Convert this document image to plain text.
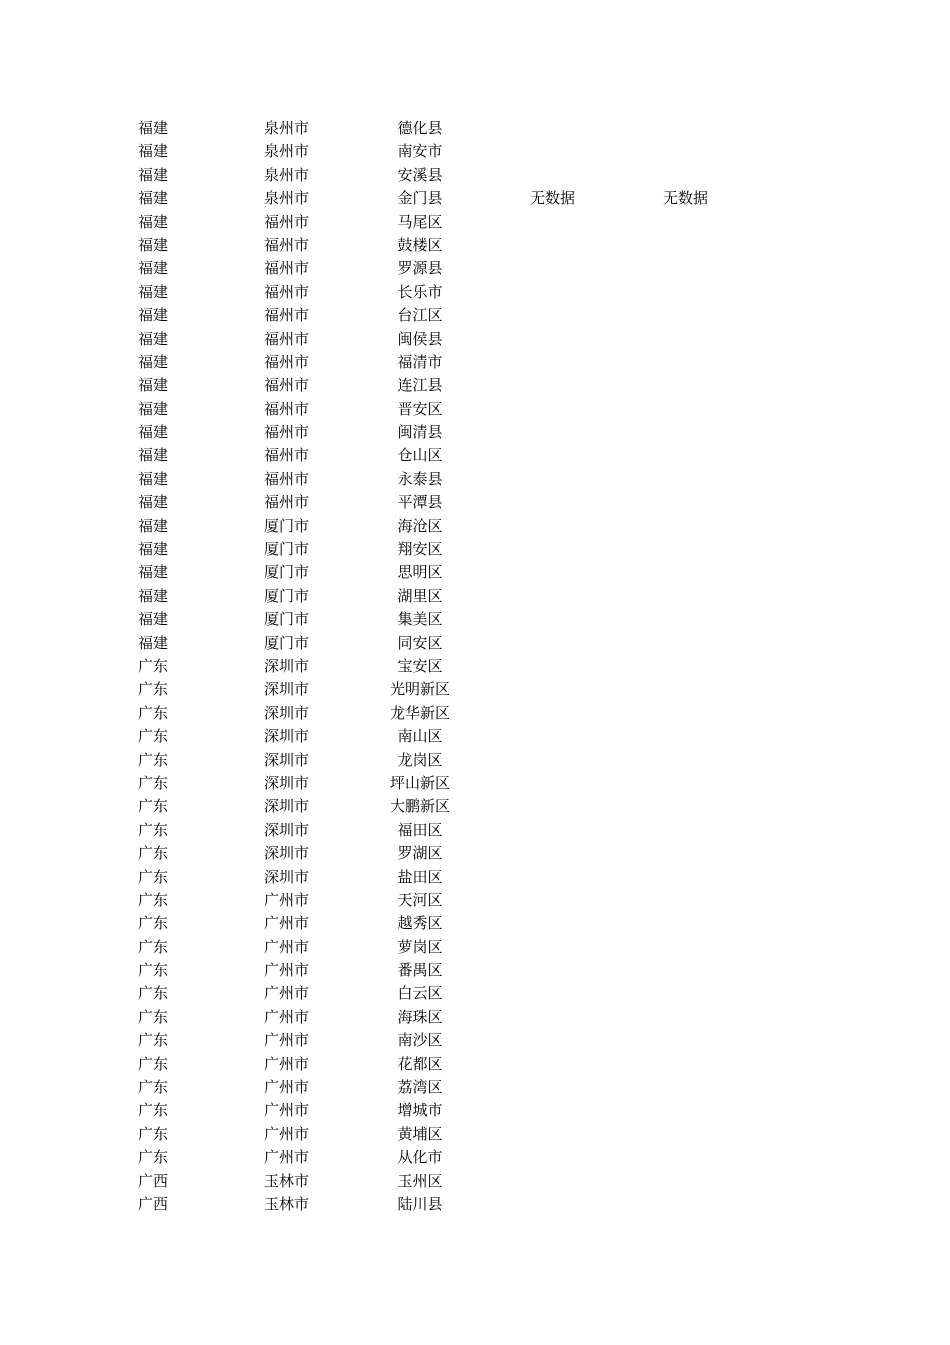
福建	泉州市	德化县
福建	泉州市	南安市
福建	泉州市	安溪县
福建	泉州市	金门县	无数据	无数据
福建	福州市	马尾区
福建	福州市	鼓楼区
福建	福州市	罗源县
福建	福州市	长乐市
福建	福州市	台江区
福建	福州市	闽侯县
福建	福州市	福清市
福建	福州市	连江县
福建	福州市	晋安区
福建	福州市	闽清县
福建	福州市	仓山区
福建	福州市	永泰县
福建	福州市	平潭县
福建	厦门市	海沧区
福建	厦门市	翔安区
福建	厦门市	思明区
福建	厦门市	湖里区
福建	厦门市	集美区
福建	厦门市	同安区
广东	深圳市	宝安区
广东	深圳市	光明新区
广东	深圳市	龙华新区
广东	深圳市	南山区
广东	深圳市	龙岗区
广东	深圳市	坪山新区
广东	深圳市	大鹏新区
广东	深圳市	福田区
广东	深圳市	罗湖区
广东	深圳市	盐田区
广东	广州市	天河区
广东	广州市	越秀区
广东	广州市	萝岗区
广东	广州市	番禺区
广东	广州市	白云区
广东	广州市	海珠区
广东	广州市	南沙区
广东	广州市	花都区
广东	广州市	荔湾区
广东	广州市	增城市
广东	广州市	黄埔区
广东	广州市	从化市
广西	玉林市	玉州区
广西	玉林市	陆川县
